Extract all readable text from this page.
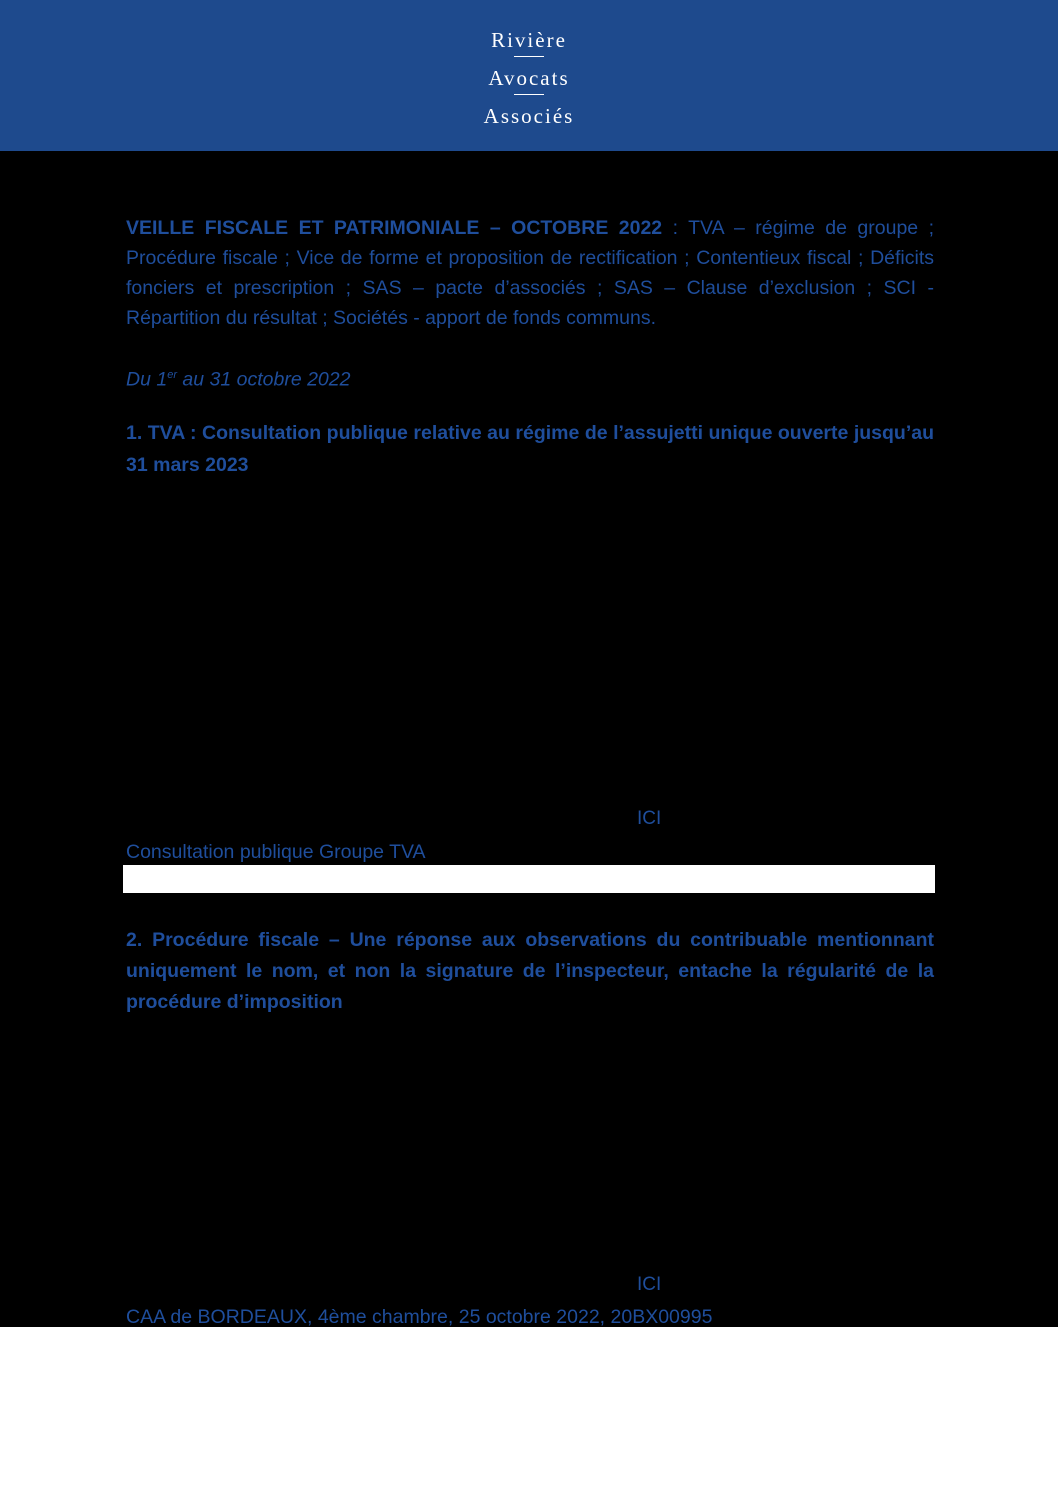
Rivière
Avocats
Associés
VEILLE FISCALE ET PATRIMONIALE – OCTOBRE 2022 : TVA – régime de groupe ; Procédure fiscale ; Vice de forme et proposition de rectification ; Contentieux fiscal ; Déficits fonciers et prescription ; SAS – pacte d’associés ; SAS – Clause d’exclusion ; SCI - Répartition du résultat ; Sociétés - apport de fonds communs.
Du 1er au 31 octobre 2022
1. TVA : Consultation publique relative au régime de l’assujetti unique ouverte jusqu’au 31 mars 2023
ICI
Consultation publique Groupe TVA
2. Procédure fiscale – Une réponse aux observations du contribuable mentionnant uniquement le nom, et non la signature de l’inspecteur, entache la régularité de la procédure d’imposition
ICI
CAA de BORDEAUX, 4ème chambre, 25 octobre 2022, 20BX00995
